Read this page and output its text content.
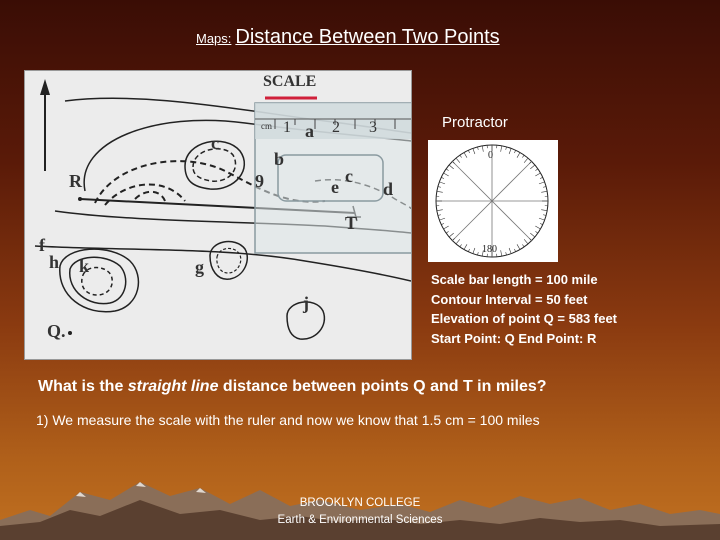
Maps: Distance Between Two Points
SCALE
cm 1	2 3
a
c
b
c
9	e d
R
T
f
h k	g
j
Q.
Protractor
0
180
Scale bar length = 100 mile
Contour Interval = 50 feet
Elevation of point Q = 583 feet
Start Point: Q End Point: R
What is the straight line distance between points Q and T in miles?
1) We measure the scale with the ruler and now we know that 1.5 cm = 100 miles
BROOKLYN COLLEGE
Earth & Environmental Sciences
